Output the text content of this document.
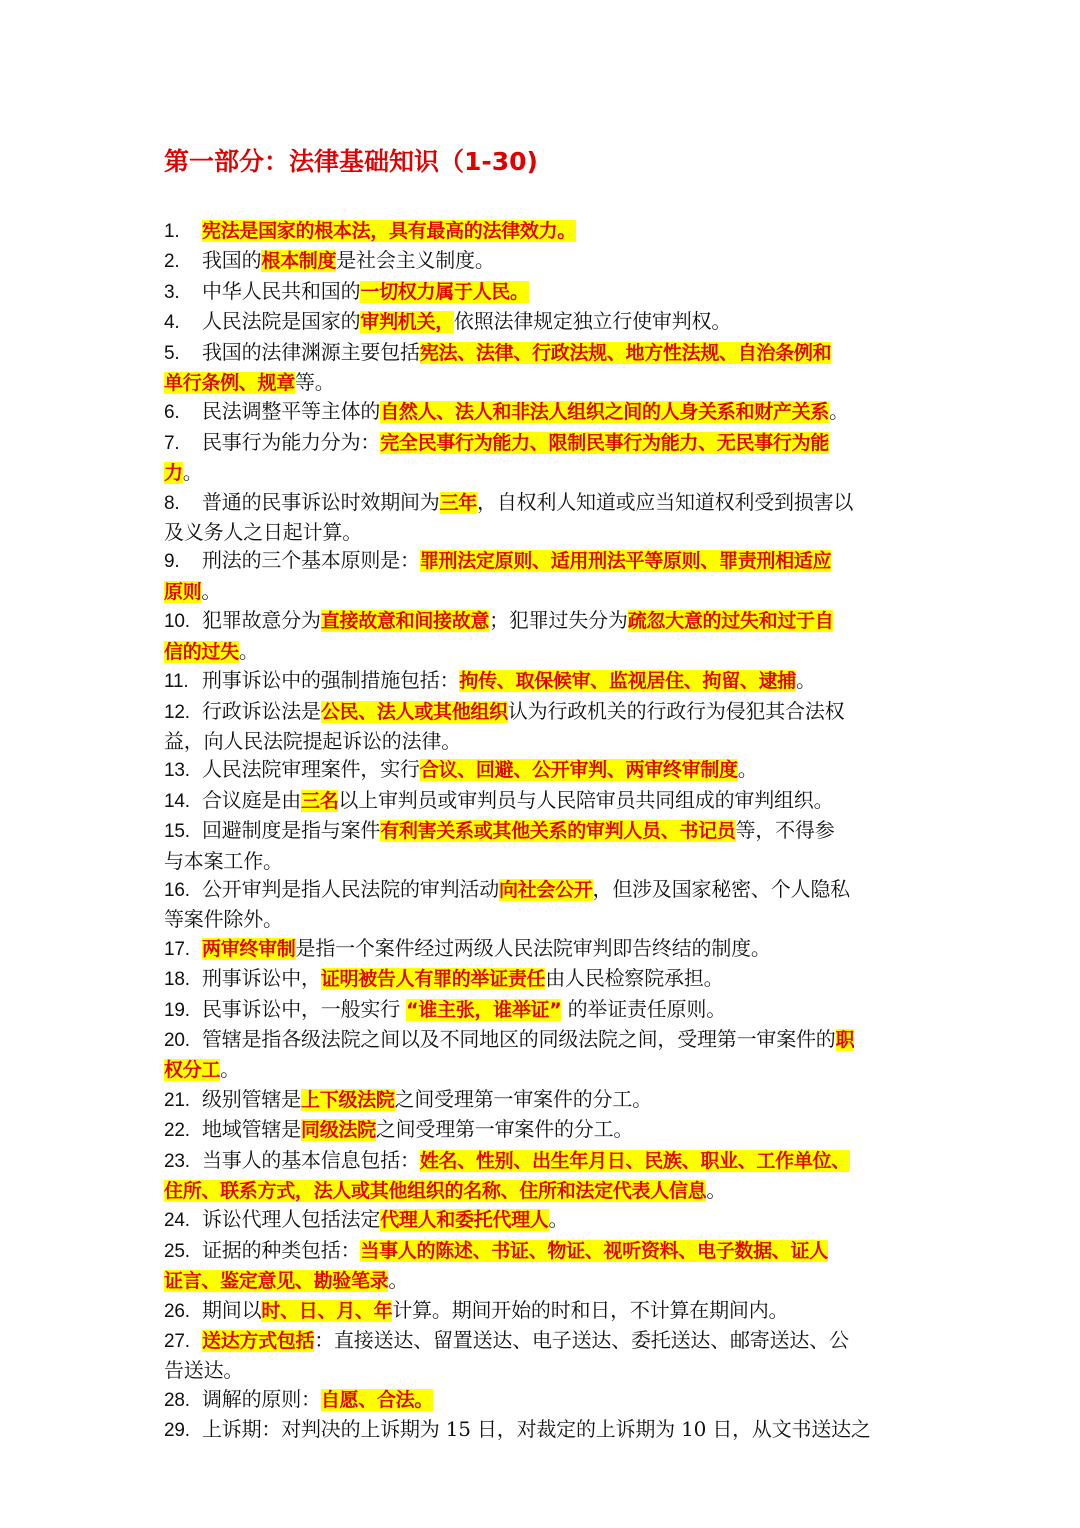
第一部分：法律基础知识（1-30)
1. 宪法是国家的根本法，具有最高的法律效力。
2. 我国的根本制度是社会主义制度。
3. 中华人民共和国的一切权力属于人民。
4. 人民法院是国家的审判机关，依照法律规定独立行使审判权。
5. 我国的法律渊源主要包括宪法、法律、行政法规、地方性法规、自治条例和
单行条例、规章等。
6. 民法调整平等主体的自然人、法人和非法人组织之间的人身关系和财产关系。
7. 民事行为能力分为：完全民事行为能力、限制民事行为能力、无民事行为能
力。
8. 普通的民事诉讼时效期间为三年，自权利人知道或应当知道权利受到损害以
及义务人之日起计算。
9. 刑法的三个基本原则是：罪刑法定原则、适用刑法平等原则、罪责刑相适应
原则。
10. 犯罪故意分为直接故意和间接故意；犯罪过失分为疏忽大意的过失和过于自
信的过失。
11. 刑事诉讼中的强制措施包括：拘传、取保候审、监视居住、拘留、逮捕。
12. 行政诉讼法是公民、法人或其他组织认为行政机关的行政行为侵犯其合法权
益，向人民法院提起诉讼的法律。
13. 人民法院审理案件，实行合议、回避、公开审判、两审终审制度。
14. 合议庭是由三名以上审判员或审判员与人民陪审员共同组成的审判组织。
15. 回避制度是指与案件有利害关系或其他关系的审判人员、书记员等，不得参
与本案工作。
16. 公开审判是指人民法院的审判活动向社会公开，但涉及国家秘密、个人隐私
等案件除外。
17. 两审终审制是指一个案件经过两级人民法院审判即告终结的制度。
18. 刑事诉讼中，证明被告人有罪的举证责任由人民检察院承担。
19. 民事诉讼中，一般实行 “谁主张，谁举证” 的举证责任原则。
20. 管辖是指各级法院之间以及不同地区的同级法院之间，受理第一审案件的职
权分工。
21. 级别管辖是上下级法院之间受理第一审案件的分工。
22. 地域管辖是同级法院之间受理第一审案件的分工。
23. 当事人的基本信息包括：姓名、性别、出生年月日、民族、职业、工作单位、
住所、联系方式，法人或其他组织的名称、住所和法定代表人信息。
24. 诉讼代理人包括法定代理人和委托代理人。
25. 证据的种类包括：当事人的陈述、书证、物证、视听资料、电子数据、证人
证言、鉴定意见、勘验笔录。
26. 期间以时、日、月、年计算。期间开始的时和日，不计算在期间内。
27. 送达方式包括：直接送达、留置送达、电子送达、委托送达、邮寄送达、公
告送达。
28. 调解的原则：自愿、合法。
29. 上诉期：对判决的上诉期为 15 日，对裁定的上诉期为 10 日，从文书送达之
